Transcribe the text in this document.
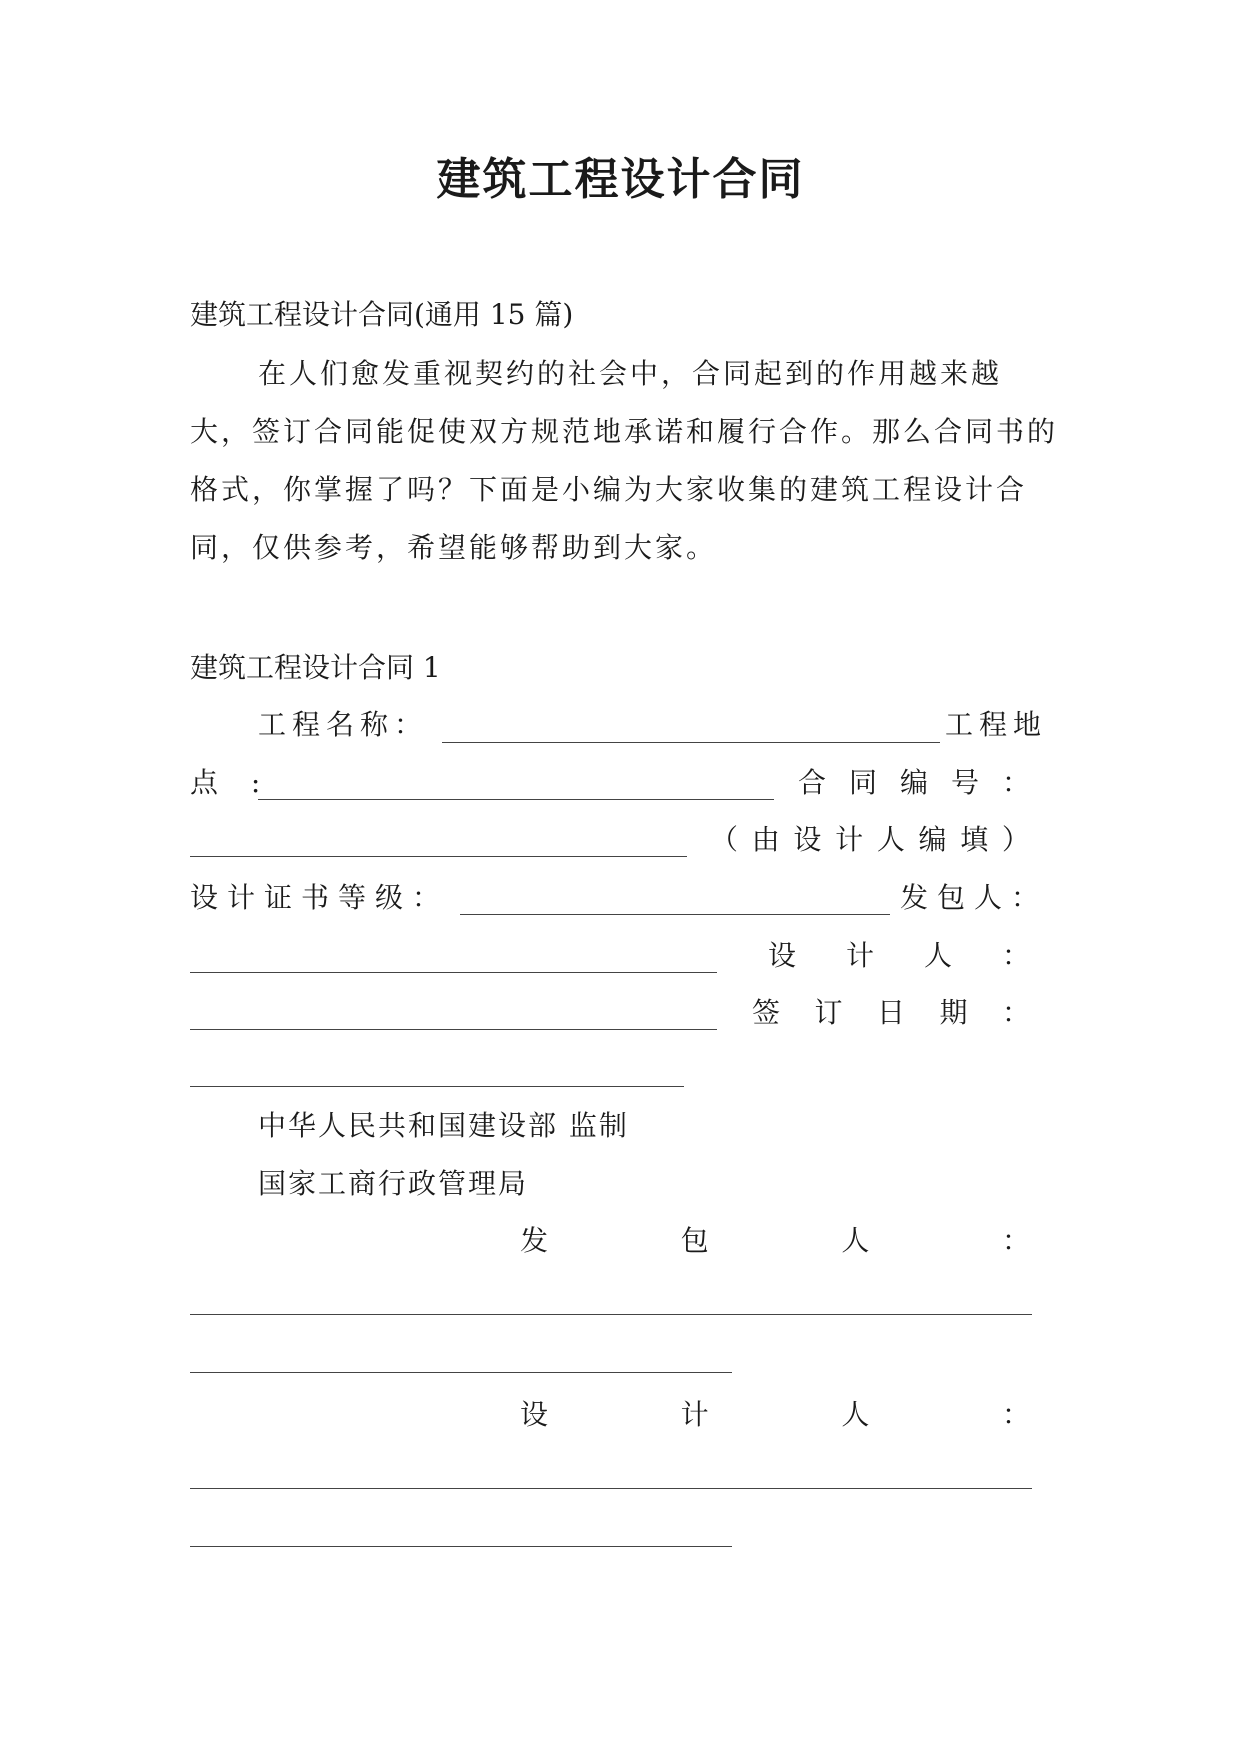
建筑工程设计合同
建筑工程设计合同(通用 15 篇)
在人们愈发重视契约的社会中，合同起到的作用越来越大，签订合同能促使双方规范地承诺和履行合作。那么合同书的格式，你掌握了吗？下面是小编为大家收集的建筑工程设计合同，仅供参考，希望能够帮助到大家。
建筑工程设计合同 1
工程名称：	工程地
点 :	合 同 编 号 ：
（ 由 设 计 人 编 填 ）
设计证书等级：	发包人：
设 计 人 ：
签 订 日 期 ：
中华人民共和国建设部 监制
国家工商行政管理局
发	包	人	：
设	计	人	：
